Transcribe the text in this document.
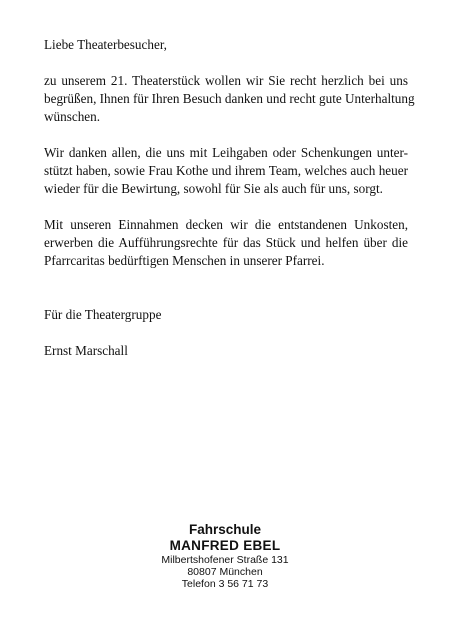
Liebe Theaterbesucher,
zu unserem 21. Theaterstück wollen wir Sie recht herzlich bei uns
begrüßen, Ihnen für Ihren Besuch danken und recht gute Unterhaltung
wünschen.
Wir danken allen, die uns mit Leihgaben oder Schenkungen unter-
stützt haben, sowie Frau Kothe und ihrem Team, welches auch heuer
wieder für die Bewirtung, sowohl für Sie als auch für uns, sorgt.
Mit unseren Einnahmen decken wir die entstandenen Unkosten,
erwerben die Aufführungsrechte für das Stück und helfen über die
Pfarrcaritas bedürftigen Menschen in unserer Pfarrei.
Für die Theatergruppe
Ernst Marschall
Fahrschule
MANFRED EBEL
Milbertshofener Straße 131
80807 München
Telefon 3 56 71 73
